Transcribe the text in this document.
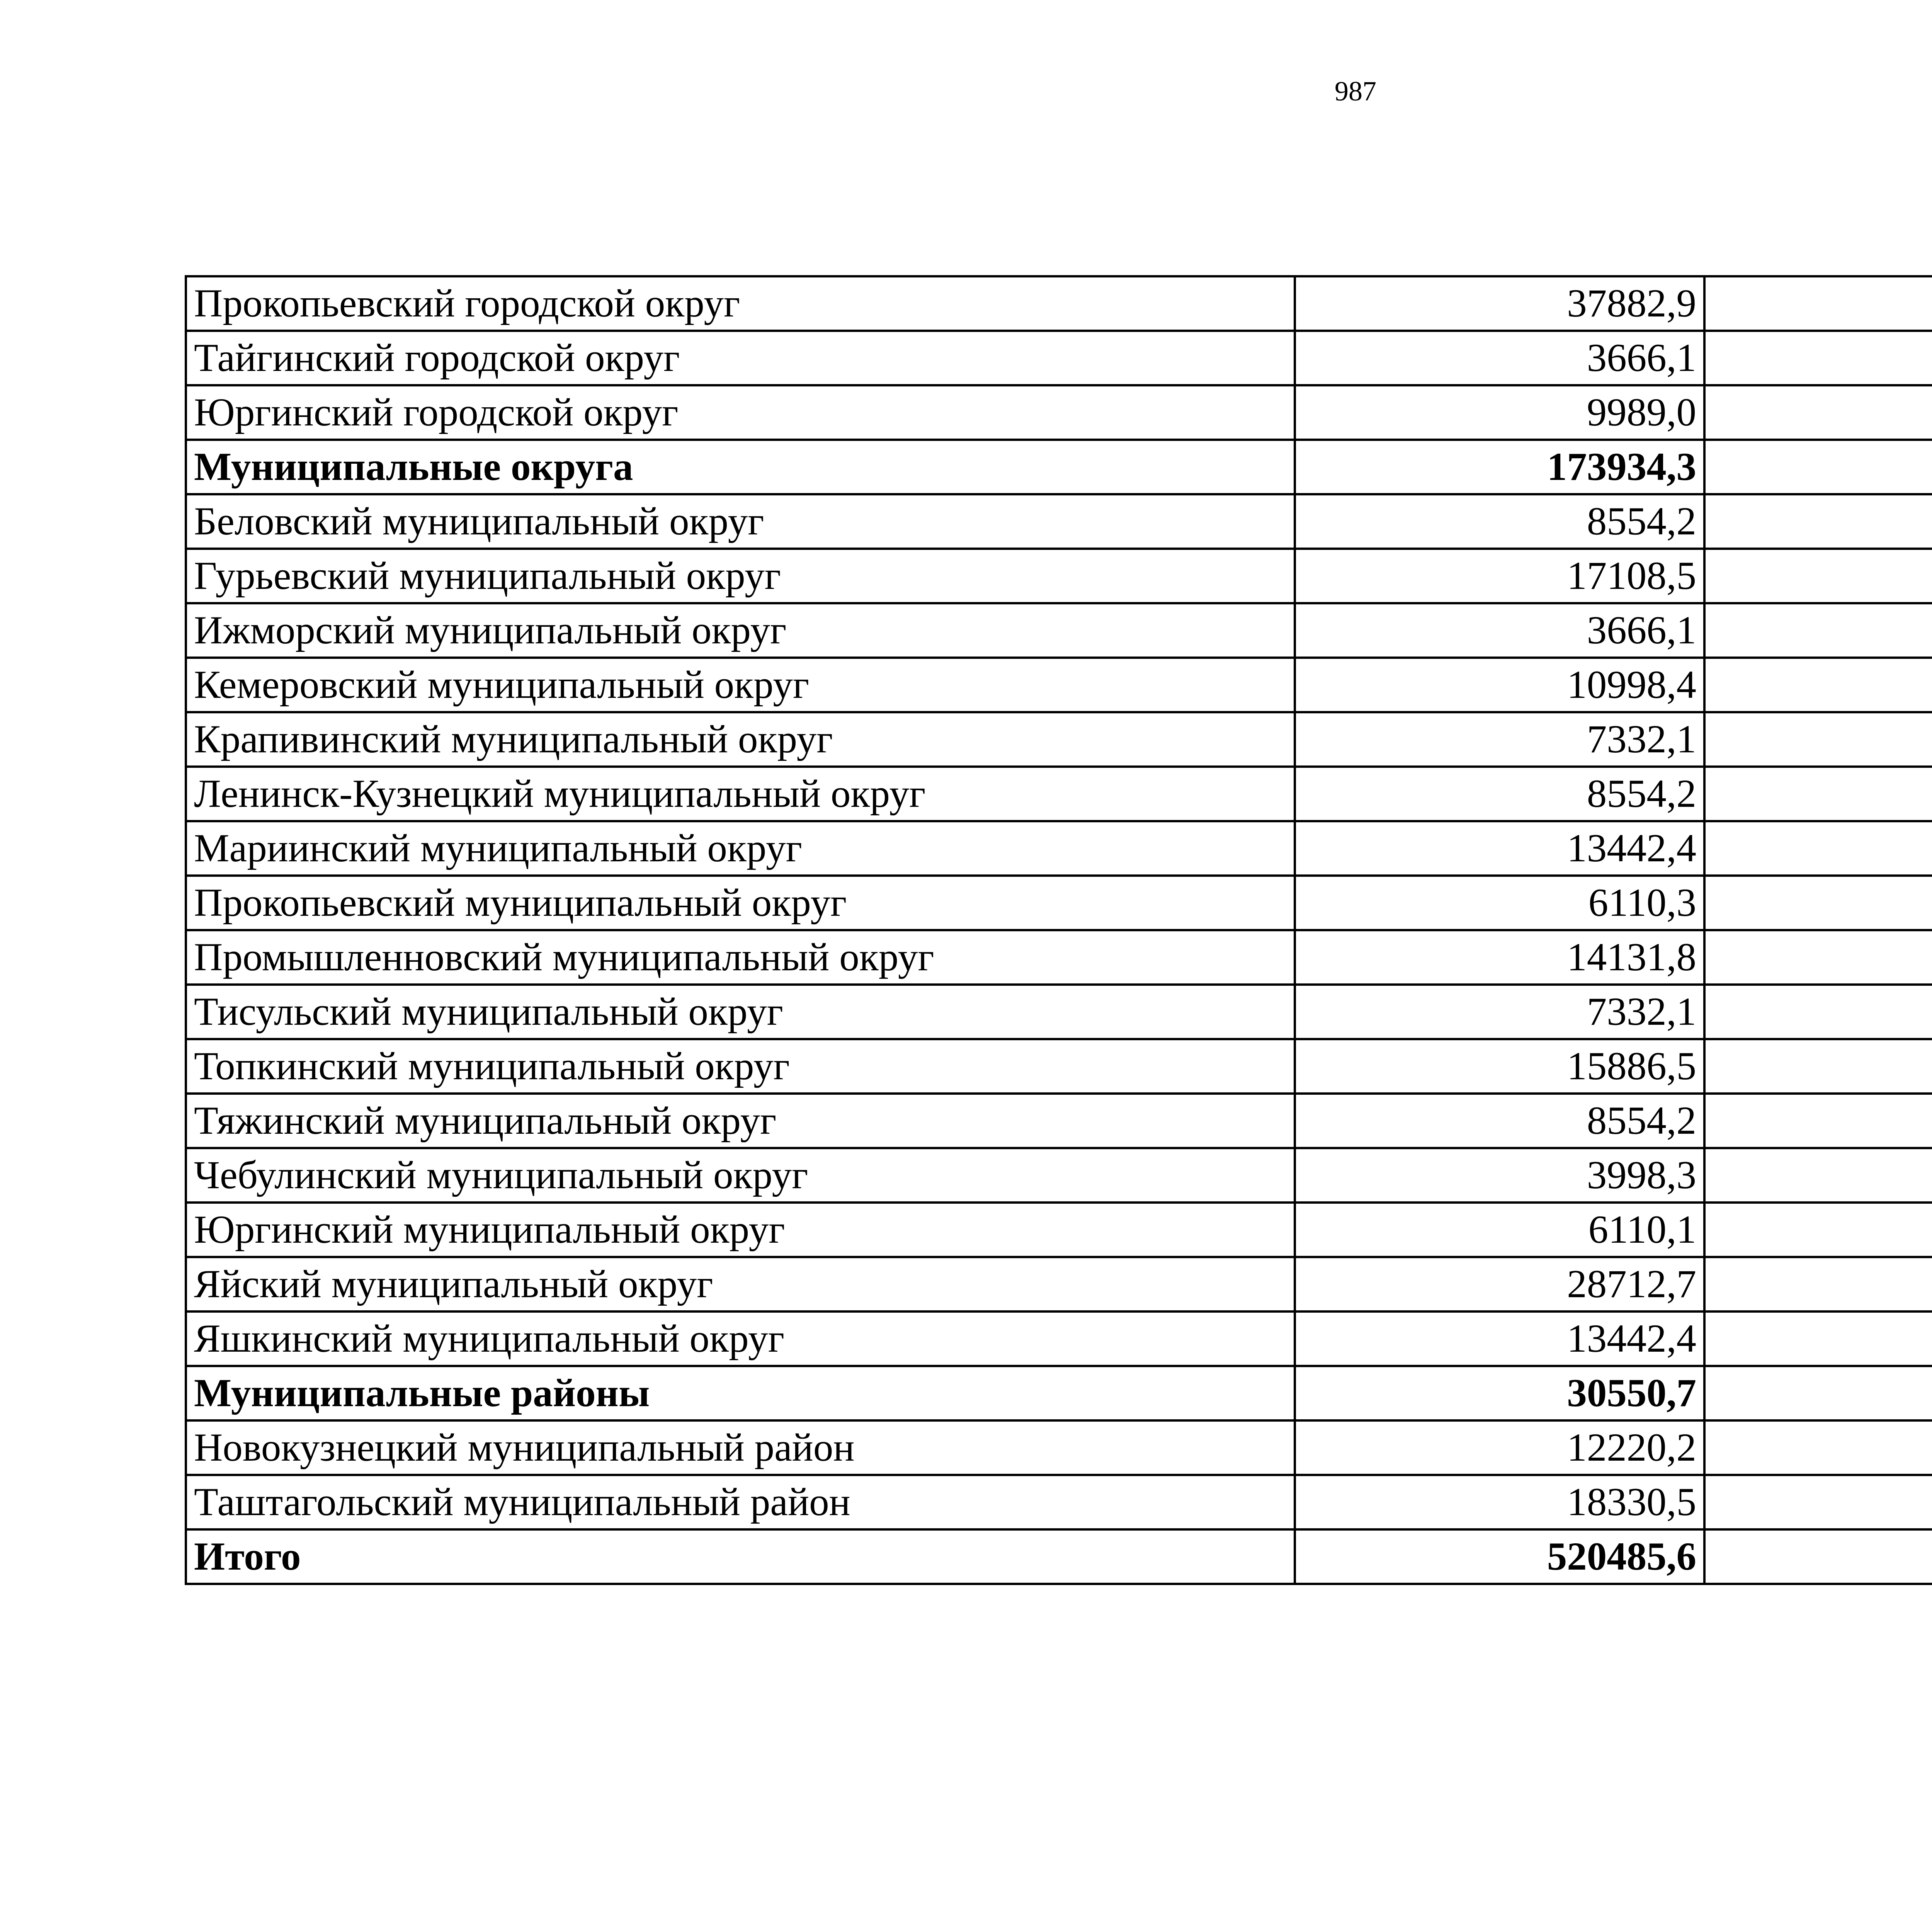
987
Прокопьевский городской округ	37882,9		
Тайгинский городской округ	3666,1		
Юргинский городской округ	9989,0		
Муниципальные округа	173934,3		
Беловский муниципальный округ	8554,2		
Гурьевский муниципальный округ	17108,5		
Ижморский муниципальный округ	3666,1		
Кемеровский муниципальный округ	10998,4		
Крапивинский муниципальный округ	7332,1		
Ленинск-Кузнецкий муниципальный округ	8554,2		
Мариинский муниципальный округ	13442,4		
Прокопьевский муниципальный округ	6110,3		
Промышленновский муниципальный округ	14131,8		
Тисульский муниципальный округ	7332,1		
Топкинский муниципальный округ	15886,5		
Тяжинский муниципальный округ	8554,2		
Чебулинский муниципальный округ	3998,3		
Юргинский муниципальный округ	6110,1		
Яйский муниципальный округ	28712,7		
Яшкинский муниципальный округ	13442,4		
Муниципальные районы	30550,7		
Новокузнецкий муниципальный район	12220,2		
Таштагольский муниципальный район	18330,5		
Итого	520485,6		
